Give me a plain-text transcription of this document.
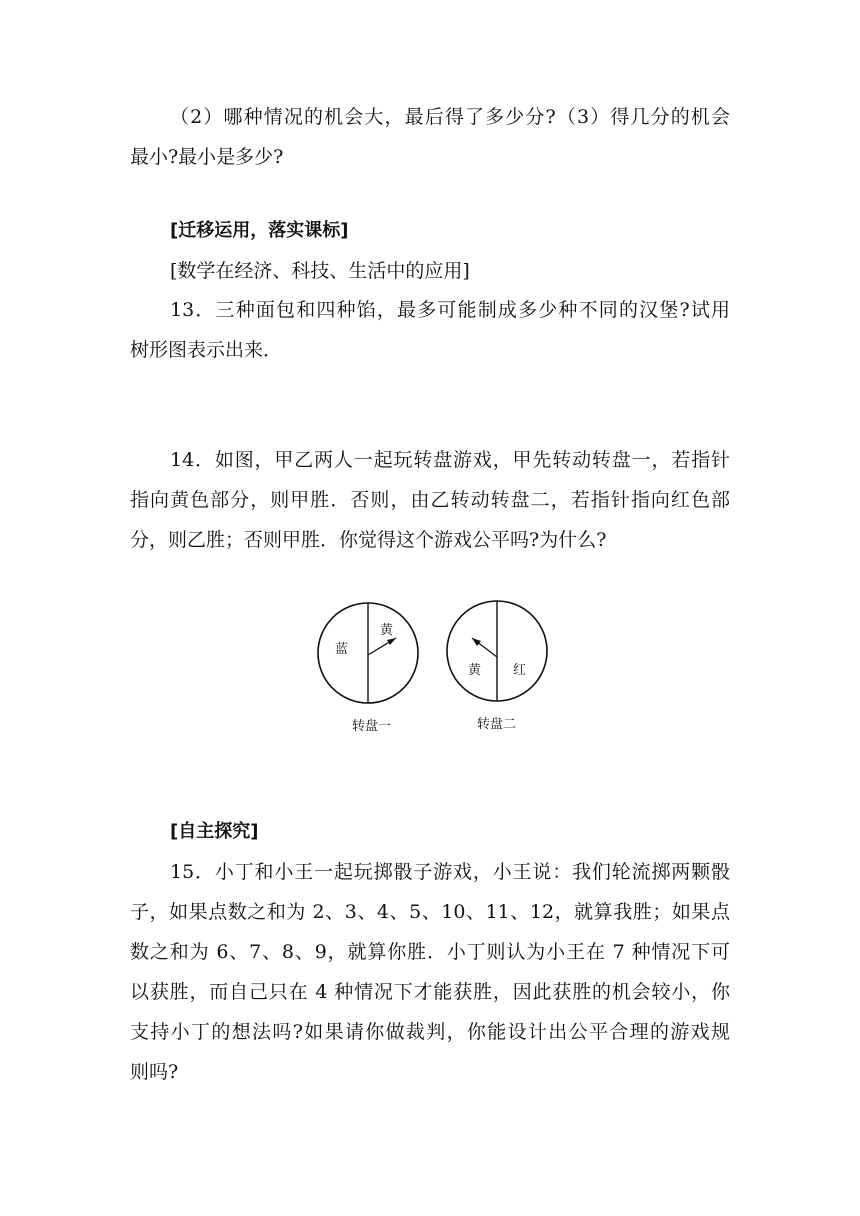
（2）哪种情况的机会大，最后得了多少分?（3）得几分的机会
最小?最小是多少?
[迁移运用，落实课标]
[数学在经济、科技、生活中的应用]
13．三种面包和四种馅，最多可能制成多少种不同的汉堡?试用
树形图表示出来．
14．如图，甲乙两人一起玩转盘游戏，甲先转动转盘一，若指针
指向黄色部分，则甲胜．否则，由乙转动转盘二，若指针指向红色部
分，则乙胜；否则甲胜．你觉得这个游戏公平吗?为什么?
蓝
黄
转盘一
黄 红
转盘二
[自主探究]
15．小丁和小王一起玩掷骰子游戏，小王说：我们轮流掷两颗骰
子，如果点数之和为 2、3、4、5、10、11、12，就算我胜；如果点
数之和为 6、7、8、9，就算你胜．小丁则认为小王在 7 种情况下可
以获胜，而自己只在 4 种情况下才能获胜，因此获胜的机会较小，你
支持小丁的想法吗?如果请你做裁判，你能设计出公平合理的游戏规
则吗?
